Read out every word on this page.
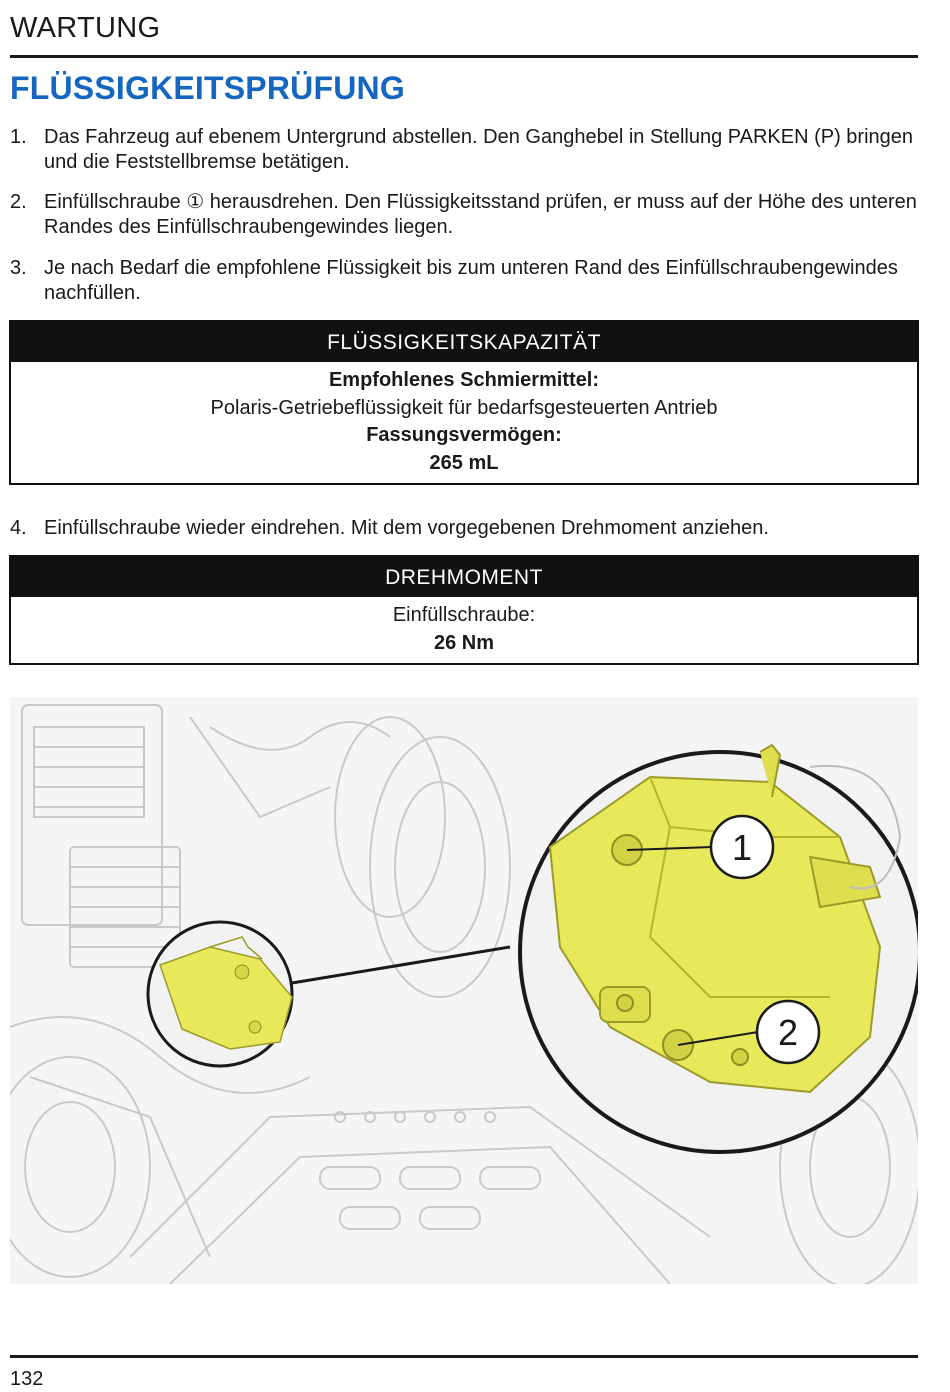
WARTUNG
FLÜSSIGKEITSPRÜFUNG
1. Das Fahrzeug auf ebenem Untergrund abstellen. Den Ganghebel in Stellung PARKEN (P) bringen und die Feststellbremse betätigen.
2. Einfüllschraube ① herausdrehen. Den Flüssigkeitsstand prüfen, er muss auf der Höhe des unteren Randes des Einfüllschraubengewindes liegen.
3. Je nach Bedarf die empfohlene Flüssigkeit bis zum unteren Rand des Einfüllschraubengewindes nachfüllen.
FLÜSSIGKEITSKAPAZITÄT
Empfohlenes Schmiermittel:
Polaris-Getriebeflüssigkeit für bedarfsgesteuerten Antrieb
Fassungsvermögen:
265 mL
4. Einfüllschraube wieder eindrehen. Mit dem vorgegebenen Drehmoment anziehen.
DREHMOMENT
Einfüllschraube:
26 Nm
1
2
132
